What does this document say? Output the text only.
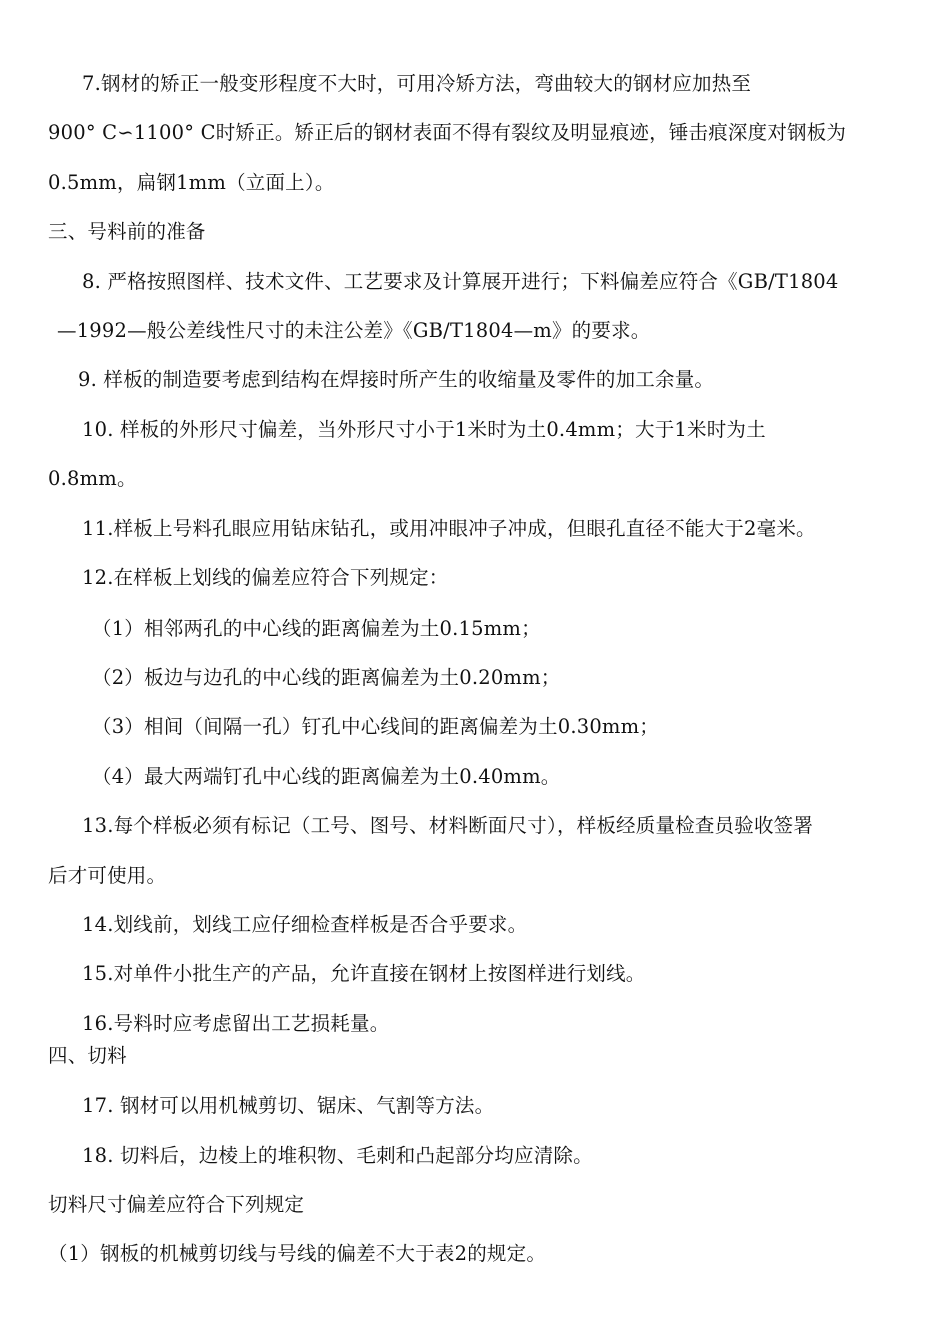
7.钢材的矫正一般变形程度不大时，可用冷矫方法，弯曲较大的钢材应加热至
900° C∽1100° C时矫正。矫正后的钢材表面不得有裂纹及明显痕迹，锤击痕深度对钢板为
0.5mm，扁钢1mm（立面上）。
三、号料前的准备
8. 严格按照图样、技术文件、工艺要求及计算展开进行；下料偏差应符合《GB/T1804
—1992—般公差线性尺寸的未注公差》《GB/T1804—m》的要求。
9. 样板的制造要考虑到结构在焊接时所产生的收缩量及零件的加工余量。
10. 样板的外形尺寸偏差，当外形尺寸小于1米时为土0.4mm；大于1米时为土
0.8mm。
11.样板上号料孔眼应用钻床钻孔，或用冲眼冲子冲成，但眼孔直径不能大于2毫米。
12.在样板上划线的偏差应符合下列规定：
（1）相邻两孔的中心线的距离偏差为土0.15mm；
（2）板边与边孔的中心线的距离偏差为土0.20mm；
（3）相间（间隔一孔）钉孔中心线间的距离偏差为土0.30mm；
（4）最大两端钉孔中心线的距离偏差为土0.40mm。
13.每个样板必须有标记（工号、图号、材料断面尺寸），样板经质量检查员验收签署
后才可使用。
14.划线前，划线工应仔细检查样板是否合乎要求。
15.对单件小批生产的产品，允许直接在钢材上按图样进行划线。
16.号料时应考虑留出工艺损耗量。
四、切料
17. 钢材可以用机械剪切、锯床、气割等方法。
18. 切料后，边棱上的堆积物、毛刺和凸起部分均应清除。
切料尺寸偏差应符合下列规定
（1）钢板的机械剪切线与号线的偏差不大于表2的规定。
